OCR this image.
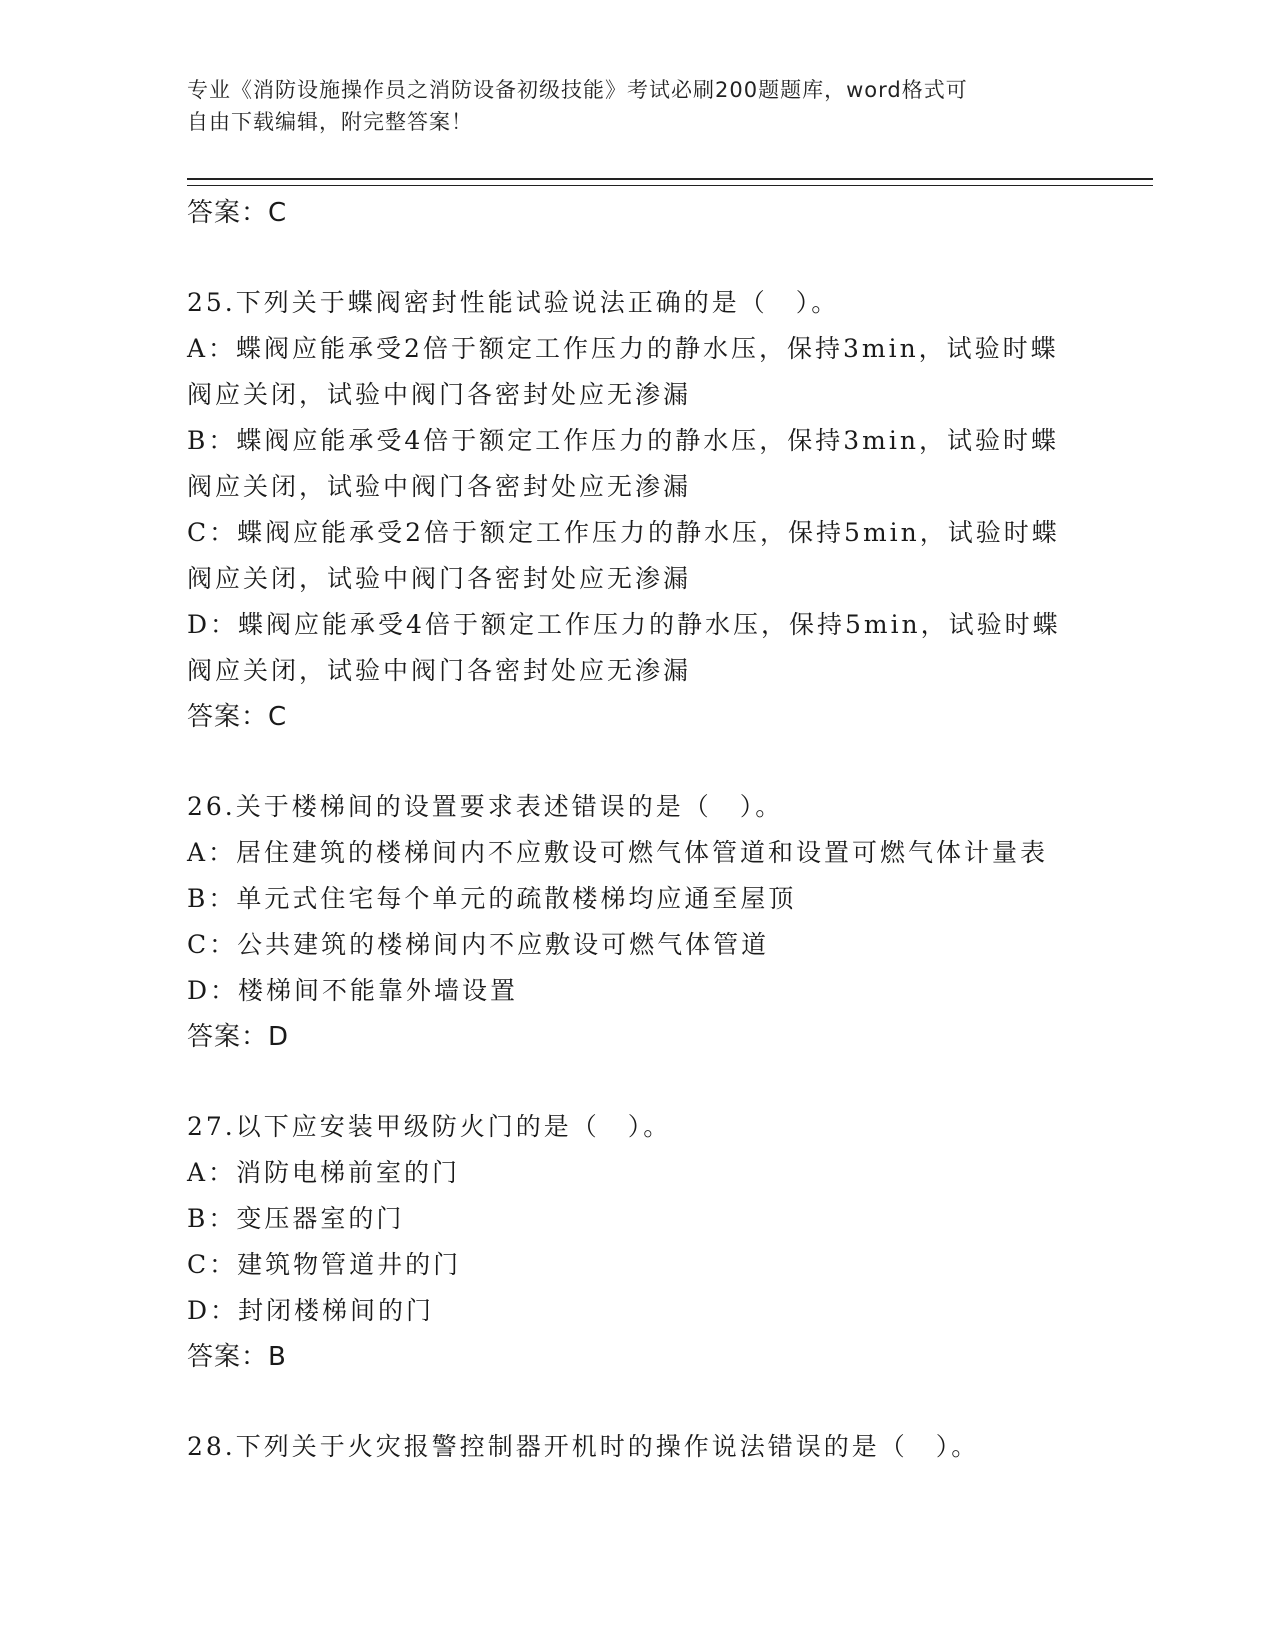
专业《消防设施操作员之消防设备初级技能》考试必刷200题题库，word格式可
自由下载编辑，附完整答案！
答案：C
25.下列关于蝶阀密封性能试验说法正确的是（　）。
A：蝶阀应能承受2倍于额定工作压力的静水压，保持3min，试验时蝶
阀应关闭，试验中阀门各密封处应无渗漏
B：蝶阀应能承受4倍于额定工作压力的静水压，保持3min，试验时蝶
阀应关闭，试验中阀门各密封处应无渗漏
C：蝶阀应能承受2倍于额定工作压力的静水压，保持5min，试验时蝶
阀应关闭，试验中阀门各密封处应无渗漏
D：蝶阀应能承受4倍于额定工作压力的静水压，保持5min，试验时蝶
阀应关闭，试验中阀门各密封处应无渗漏
答案：C
26.关于楼梯间的设置要求表述错误的是（　）。
A：居住建筑的楼梯间内不应敷设可燃气体管道和设置可燃气体计量表
B：单元式住宅每个单元的疏散楼梯均应通至屋顶
C：公共建筑的楼梯间内不应敷设可燃气体管道
D：楼梯间不能靠外墙设置
答案：D
27.以下应安装甲级防火门的是（　）。
A：消防电梯前室的门
B：变压器室的门
C：建筑物管道井的门
D：封闭楼梯间的门
答案：B
28.下列关于火灾报警控制器开机时的操作说法错误的是（　）。
